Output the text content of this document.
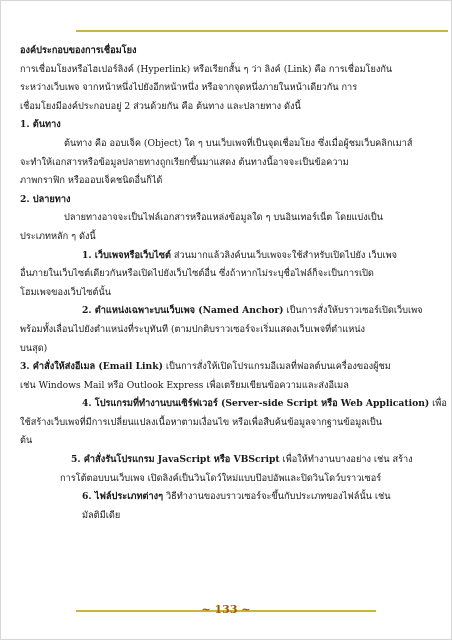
องค์ประกอบของการเชื่อมโยง
การเชื่อมโยงหรือไฮเปอร์ลิงค์ (Hyperlink) หรือเรียกสั้น ๆ ว่า ลิงค์ (Link) คือ การเชื่อมโยงกัน
ระหว่างเว็บเพจ จากหน้าหนึ่งไปยังอีกหน้าหนึ่ง หรือจากจุดหนึ่งภายในหน้าเดียวกัน การ
เชื่อมโยงมีองค์ประกอบอยู่ 2 ส่วนด้วยกัน คือ ต้นทาง และปลายทาง ดังนี้
1. ต้นทาง
ต้นทาง คือ ออบเจ็ค (Object) ใด ๆ บนเว็บเพจที่เป็นจุดเชื่อมโยง ซึ่งเมื่อผู้ชมเว็บคลิกเมาส์
จะทำให้เอกสารหรือข้อมูลปลายทางถูกเรียกขึ้นมาแสดง ต้นทางนี้อาจจะเป็นข้อความ
ภาพกราฟิก หรือออบเจ็คชนิดอื่นก็ได้
2. ปลายทาง
ปลายทางอาจจะเป็นไฟล์เอกสารหรือแหล่งข้อมูลใด ๆ บนอินเทอร์เน็ต โดยแบ่งเป็น
ประเภทหลัก ๆ ดังนี้
1. เว็บเพจหรือเว็บไซต์ ส่วนมากแล้วลิงค์บนเว็บเพจจะใช้สำหรับเปิดไปยัง เว็บเพจ
อื่นภายในเว็บไซต์เดียวกันหรือเปิดไปยังเว็บไซต์อื่น ซึ่งถ้าหากไม่ระบุชื่อไฟล์ก็จะเป็นการเปิด
โฮมเพจของเว็บไซต์นั้น
2. ตำแหน่งเฉพาะบนเว็บเพจ (Named Anchor) เป็นการสั่งให้บราวเซอร์เปิดเว็บเพจ
พร้อมทั้งเลื่อนไปยังตำแหน่งที่ระบุทันที (ตามปกติบราวเซอร์จะเริ่มแสดงเว็บเพจที่ตำแหน่ง
บนสุด)
3. คำสั่งให้ส่งอีเมล (Email Link) เป็นการสั่งให้เปิดโปรแกรมอีเมลที่ฟอลต์บนเครื่องของผู้ชม
เช่น Windows Mail หรือ Outlook Express เพื่อเตรียมเขียนข้อความและส่งอีเมล
4. โปรแกรมที่ทำงานบนเซิร์ฟเวอร์ (Server-side Script หรือ Web Application) เพื่อ
ใช้สร้างเว็บเพจที่มีการเปลี่ยนแปลงเนื้อหาตามเงื่อนไข หรือเพื่อสืบค้นข้อมูลจากฐานข้อมูลเป็น
ต้น
5. คำสั่งรันโปรแกรม JavaScript หรือ VBScript เพื่อให้ทำงานบางอย่าง เช่น สร้าง
การโต้ตอบบนเว็บเพจ เปิดลิงค์เป็นวินโดว์ใหม่แบบป๊อปอัพและปิดวินโดว์บราวเซอร์
6. ไฟล์ประเภทต่างๆ วิธีทำงานของบราวเซอร์จะขึ้นกับประเภทของไฟล์นั้น เช่น
มัลติมีเดีย
~ 133 ~
